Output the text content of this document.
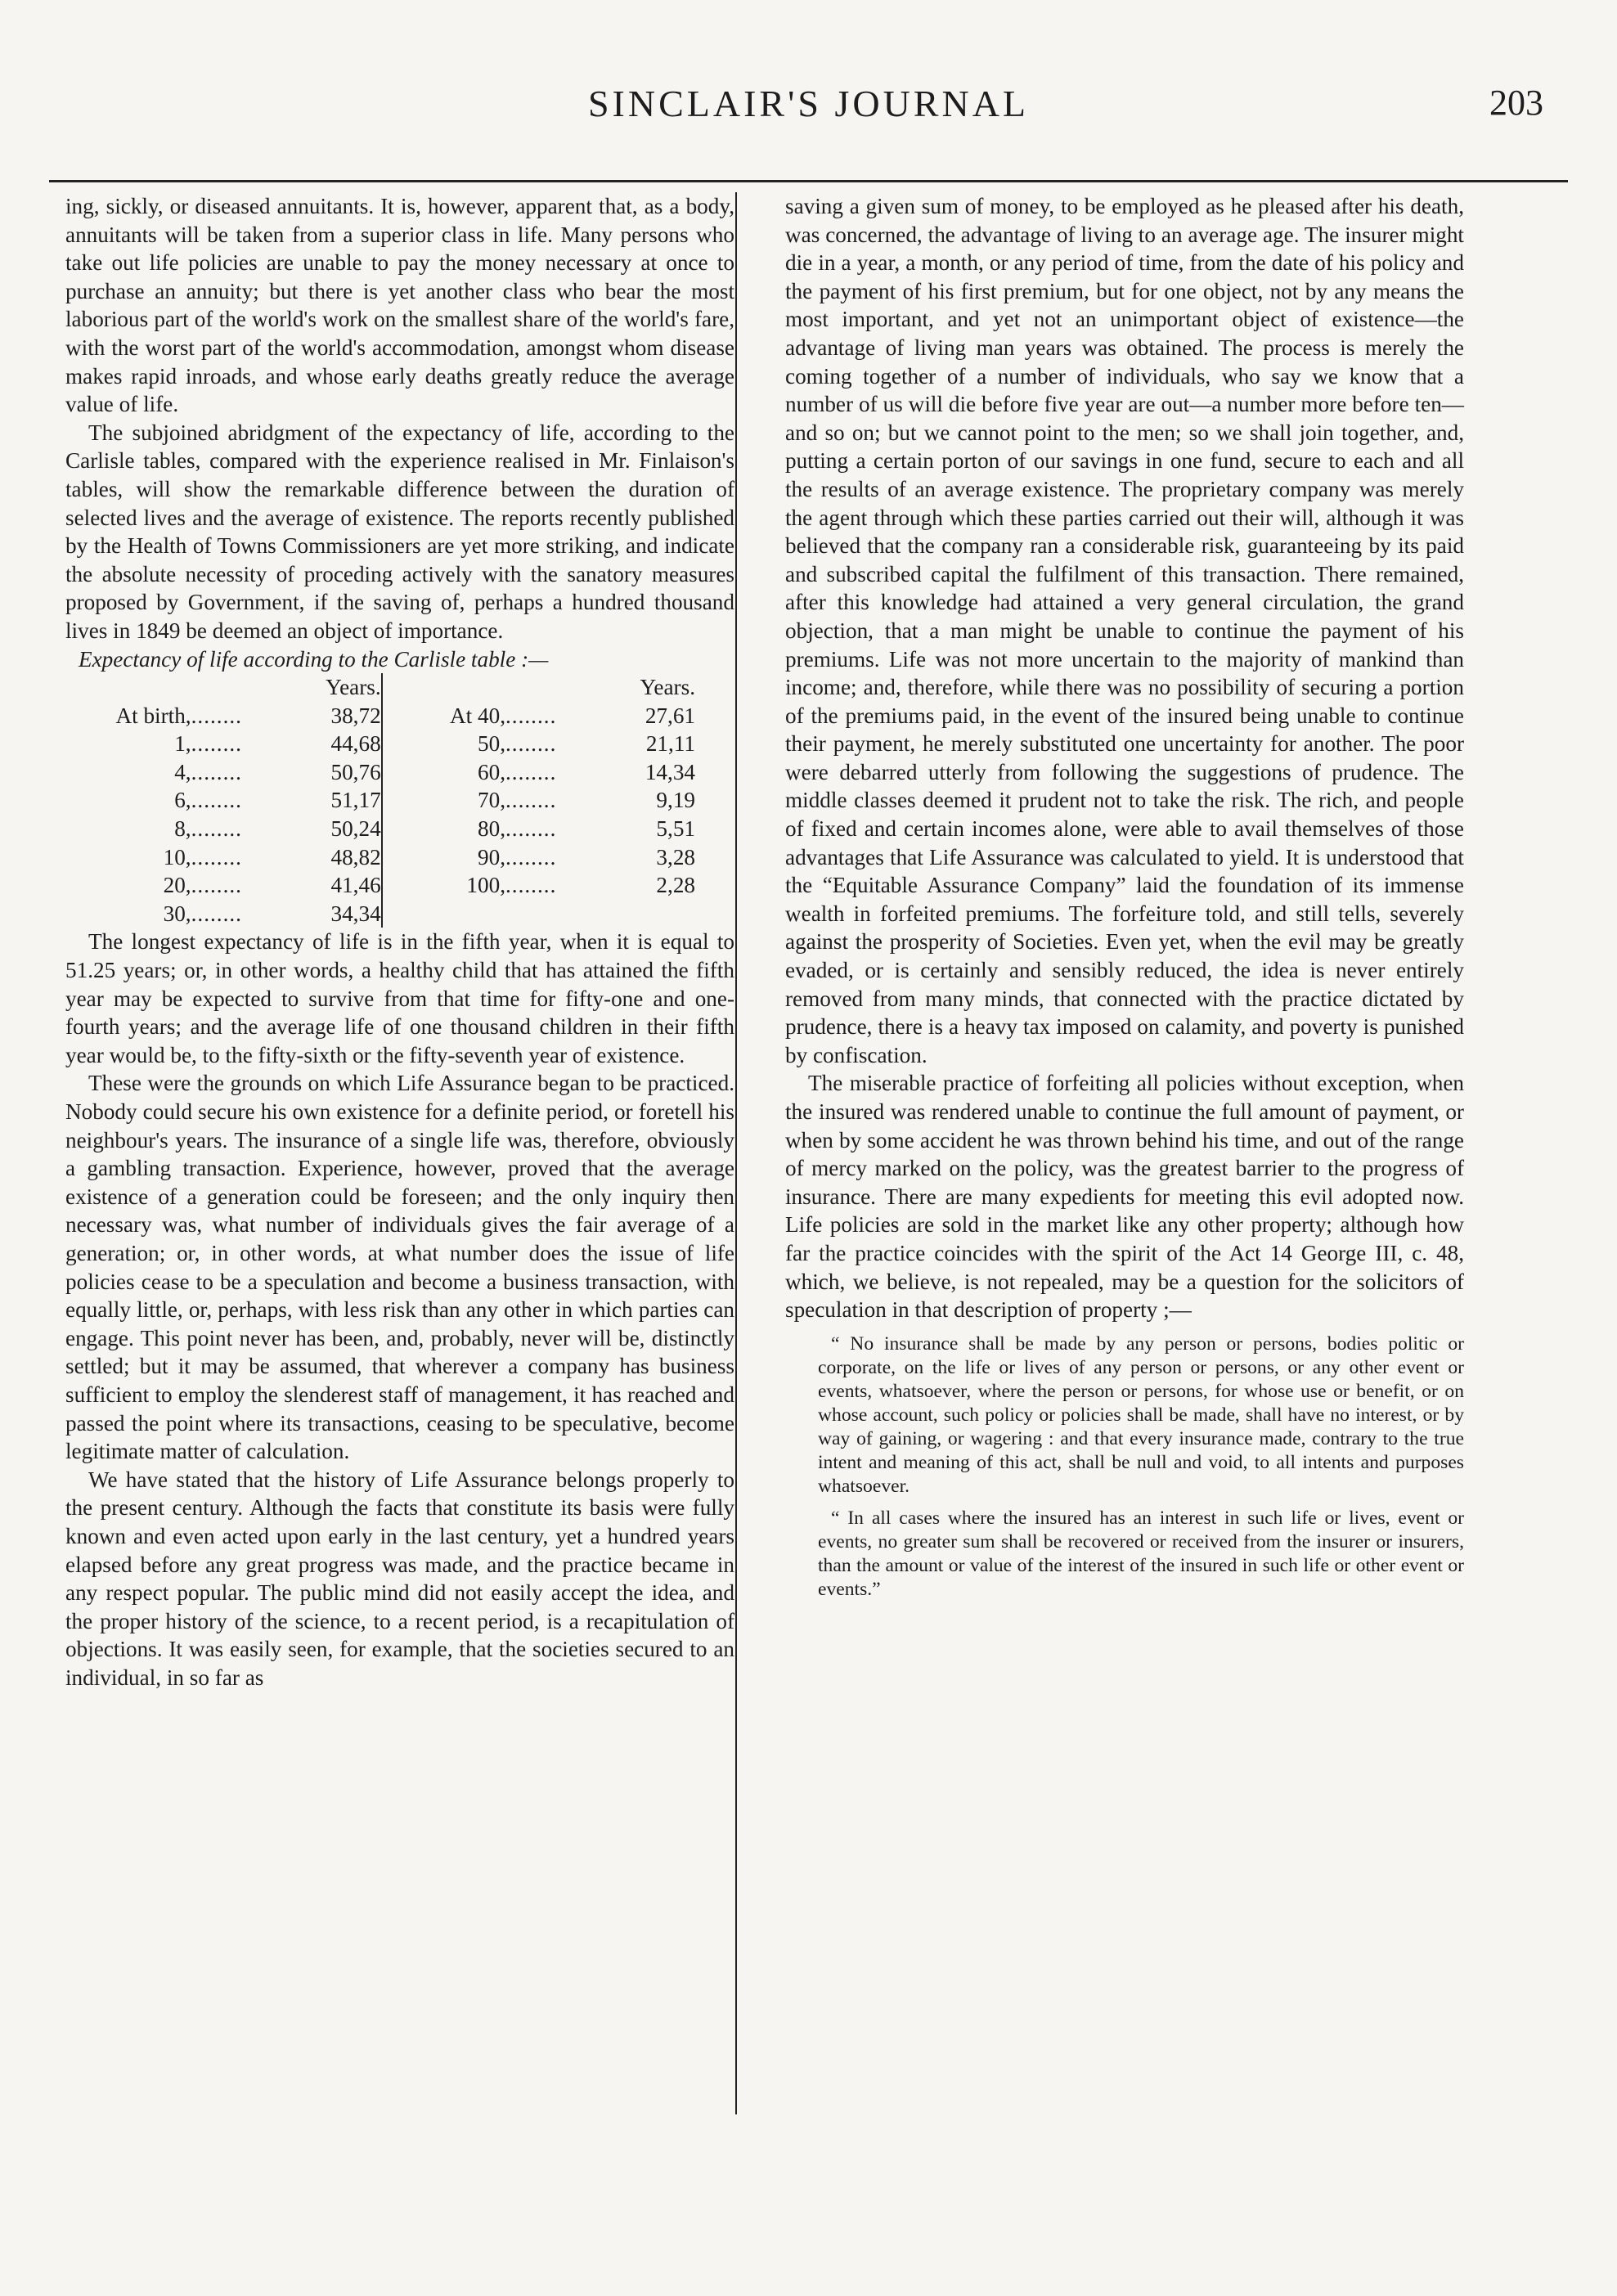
SINCLAIR'S JOURNAL	203

ing, sickly, or diseased annuitants. It is, however, apparent that, as a body, annuitants will be taken from a superior class in life. Many persons who take out life policies are unable to pay the money necessary at once to purchase an annuity; but there is yet another class who bear the most laborious part of the world's work on the smallest share of the world's fare, with the worst part of the world's accommodation, amongst whom disease makes rapid inroads, and whose early deaths greatly reduce the average value of life.

The subjoined abridgment of the expectancy of life, according to the Carlisle tables, compared with the experience realised in Mr. Finlaison's tables, will show the remarkable difference between the duration of selected lives and the average of existence. The reports recently published by the Health of Towns Commissioners are yet more striking, and indicate the absolute necessity of proceding actively with the sanatory measures proposed by Government, if the saving of, perhaps a hundred thousand lives in 1849 be deemed an object of importance.

Expectancy of life according to the Carlisle table :—

		Years.			Years.
At birth,	........	38,72	At 40,	........	27,61
1,	........	44,68	50,	........	21,11
4,	........	50,76	60,	........	14,34
6,	........	51,17	70,	........	9,19
8,	........	50,24	80,	........	5,51
10,	........	48,82	90,	........	3,28
20,	........	41,46	100,	........	2,28
30,	........	34,34			

The longest expectancy of life is in the fifth year, when it is equal to 51.25 years; or, in other words, a healthy child that has attained the fifth year may be expected to survive from that time for fifty-one and one-fourth years; and the average life of one thousand children in their fifth year would be, to the fifty-sixth or the fifty-seventh year of existence.

These were the grounds on which Life Assurance began to be practiced. Nobody could secure his own existence for a definite period, or foretell his neighbour's years. The insurance of a single life was, therefore, obviously a gambling transaction. Experience, however, proved that the average existence of a generation could be foreseen; and the only inquiry then necessary was, what number of individuals gives the fair average of a generation; or, in other words, at what number does the issue of life policies cease to be a speculation and become a business transaction, with equally little, or, perhaps, with less risk than any other in which parties can engage. This point never has been, and, probably, never will be, distinctly settled; but it may be assumed, that wherever a company has business sufficient to employ the slenderest staff of management, it has reached and passed the point where its transactions, ceasing to be speculative, become legitimate matter of calculation.

We have stated that the history of Life Assurance belongs properly to the present century. Although the facts that constitute its basis were fully known and even acted upon early in the last century, yet a hundred years elapsed before any great progress was made, and the practice became in any respect popular. The public mind did not easily accept the idea, and the proper history of the science, to a recent period, is a recapitulation of objections. It was easily seen, for example, that the societies secured to an individual, in so far as

saving a given sum of money, to be employed as he pleased after his death, was concerned, the advantage of living to an average age. The insurer might die in a year, a month, or any period of time, from the date of his policy and the payment of his first premium, but for one object, not by any means the most important, and yet not an unimportant object of existence—the advantage of living man years was obtained. The process is merely the coming together of a number of individuals, who say we know that a number of us will die before five year are out—a number more before ten—and so on; but we cannot point to the men; so we shall join together, and, putting a certain porton of our savings in one fund, secure to each and all the results of an average existence. The proprietary company was merely the agent through which these parties carried out their will, although it was believed that the company ran a considerable risk, guaranteeing by its paid and subscribed capital the fulfilment of this transaction. There remained, after this knowledge had attained a very general circulation, the grand objection, that a man might be unable to continue the payment of his premiums. Life was not more uncertain to the majority of mankind than income; and, therefore, while there was no possibility of securing a portion of the premiums paid, in the event of the insured being unable to continue their payment, he merely substituted one uncertainty for another. The poor were debarred utterly from following the suggestions of prudence. The middle classes deemed it prudent not to take the risk. The rich, and people of fixed and certain incomes alone, were able to avail themselves of those advantages that Life Assurance was calculated to yield. It is understood that the “Equitable Assurance Company” laid the foundation of its immense wealth in forfeited premiums. The forfeiture told, and still tells, severely against the prosperity of Societies. Even yet, when the evil may be greatly evaded, or is certainly and sensibly reduced, the idea is never entirely removed from many minds, that connected with the practice dictated by prudence, there is a heavy tax imposed on calamity, and poverty is punished by confiscation.

The miserable practice of forfeiting all policies without exception, when the insured was rendered unable to continue the full amount of payment, or when by some accident he was thrown behind his time, and out of the range of mercy marked on the policy, was the greatest barrier to the progress of insurance. There are many expedients for meeting this evil adopted now. Life policies are sold in the market like any other property; although how far the practice coincides with the spirit of the Act 14 George III, c. 48, which, we believe, is not repealed, may be a question for the solicitors of speculation in that description of property ;—

“ No insurance shall be made by any person or persons, bodies politic or corporate, on the life or lives of any person or persons, or any other event or events, whatsoever, where the person or persons, for whose use or benefit, or on whose account, such policy or policies shall be made, shall have no interest, or by way of gaining, or wagering : and that every insurance made, contrary to the true intent and meaning of this act, shall be null and void, to all intents and purposes whatsoever.

“ In all cases where the insured has an interest in such life or lives, event or events, no greater sum shall be recovered or received from the insurer or insurers, than the amount or value of the interest of the insured in such life or other event or events.”
